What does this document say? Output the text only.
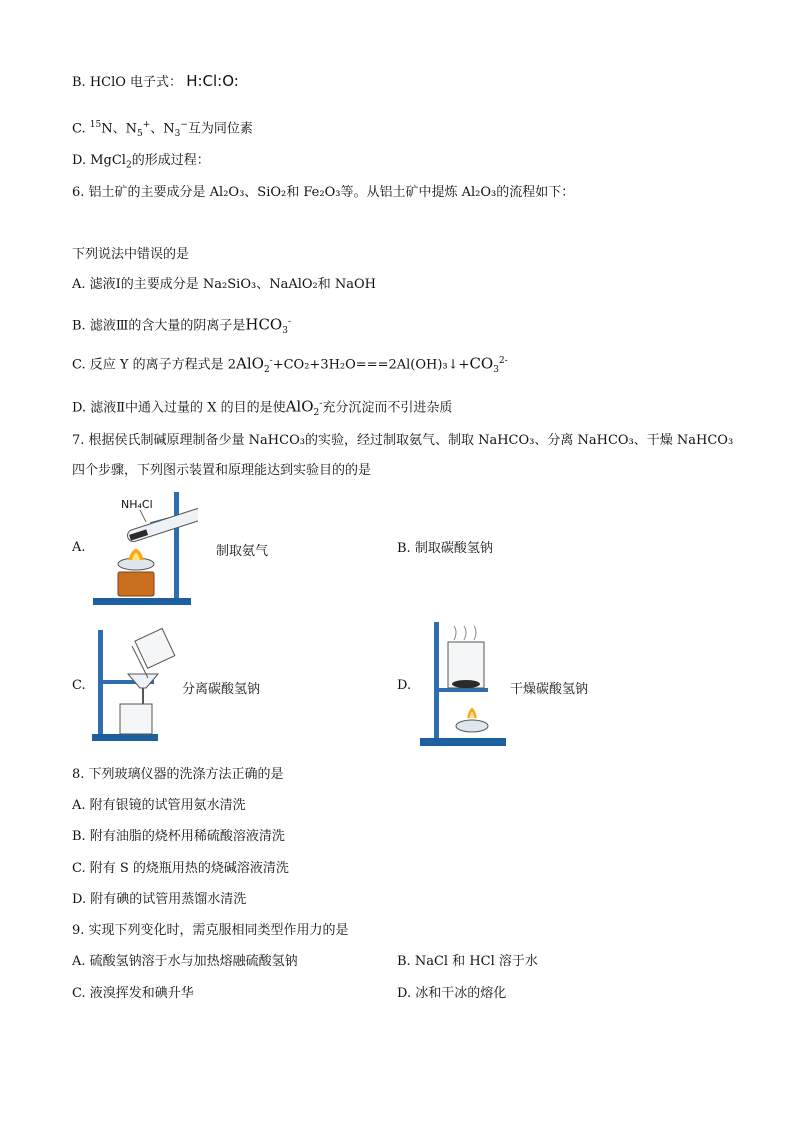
B. HClO 电子式： H:Cl:O:
C. $^{15}$N、$N_5^+$、$N_3^-$互为同位素
D. MgCl$_2$的形成过程：
6. 铝土矿的主要成分是 Al₂O₃、SiO₂和 Fe₂O₃等。从铝土矿中提炼 Al₂O₃的流程如下：
下列说法中错误的是
A. 滤液Ⅰ的主要成分是 Na₂SiO₃、NaAlO₂和 NaOH
B. 滤液Ⅲ的含大量的阴离子是$HCO_3^-$
C. 反应 Y 的离子方程式是 $2AlO_2^-+CO_2+3H_2O===2Al(OH)_3↓+CO_3^{2-}$
D. 滤液Ⅱ中通入过量的 X 的目的是使AlO$_2$-充分沉淀而不引进杂质
7. 根据侯氏制碱原理制备少量 NaHCO₃的实验，经过制取氨气、制取 NaHCO₃、分离 NaHCO₃、干燥 NaHCO₃
四个步骤，下列图示装置和原理能达到实验目的的是
A.	制取氨气
NH₄Cl
B. 制取碳酸氢钠
C.	分离碳酸氢钠	D.	干燥碳酸氢钠
8. 下列玻璃仪器的洗涤方法正确的是
A. 附有银镜的试管用氨水清洗
B. 附有油脂的烧杯用稀硫酸溶液清洗
C. 附有 S 的烧瓶用热的烧碱溶液清洗
D. 附有碘的试管用蒸馏水清洗
9. 实现下列变化时，需克服相同类型作用力的是
A. 硫酸氢钠溶于水与加热熔融硫酸氢钠	B. NaCl 和 HCl 溶于水
C. 液溴挥发和碘升华	D. 冰和干冰的熔化
